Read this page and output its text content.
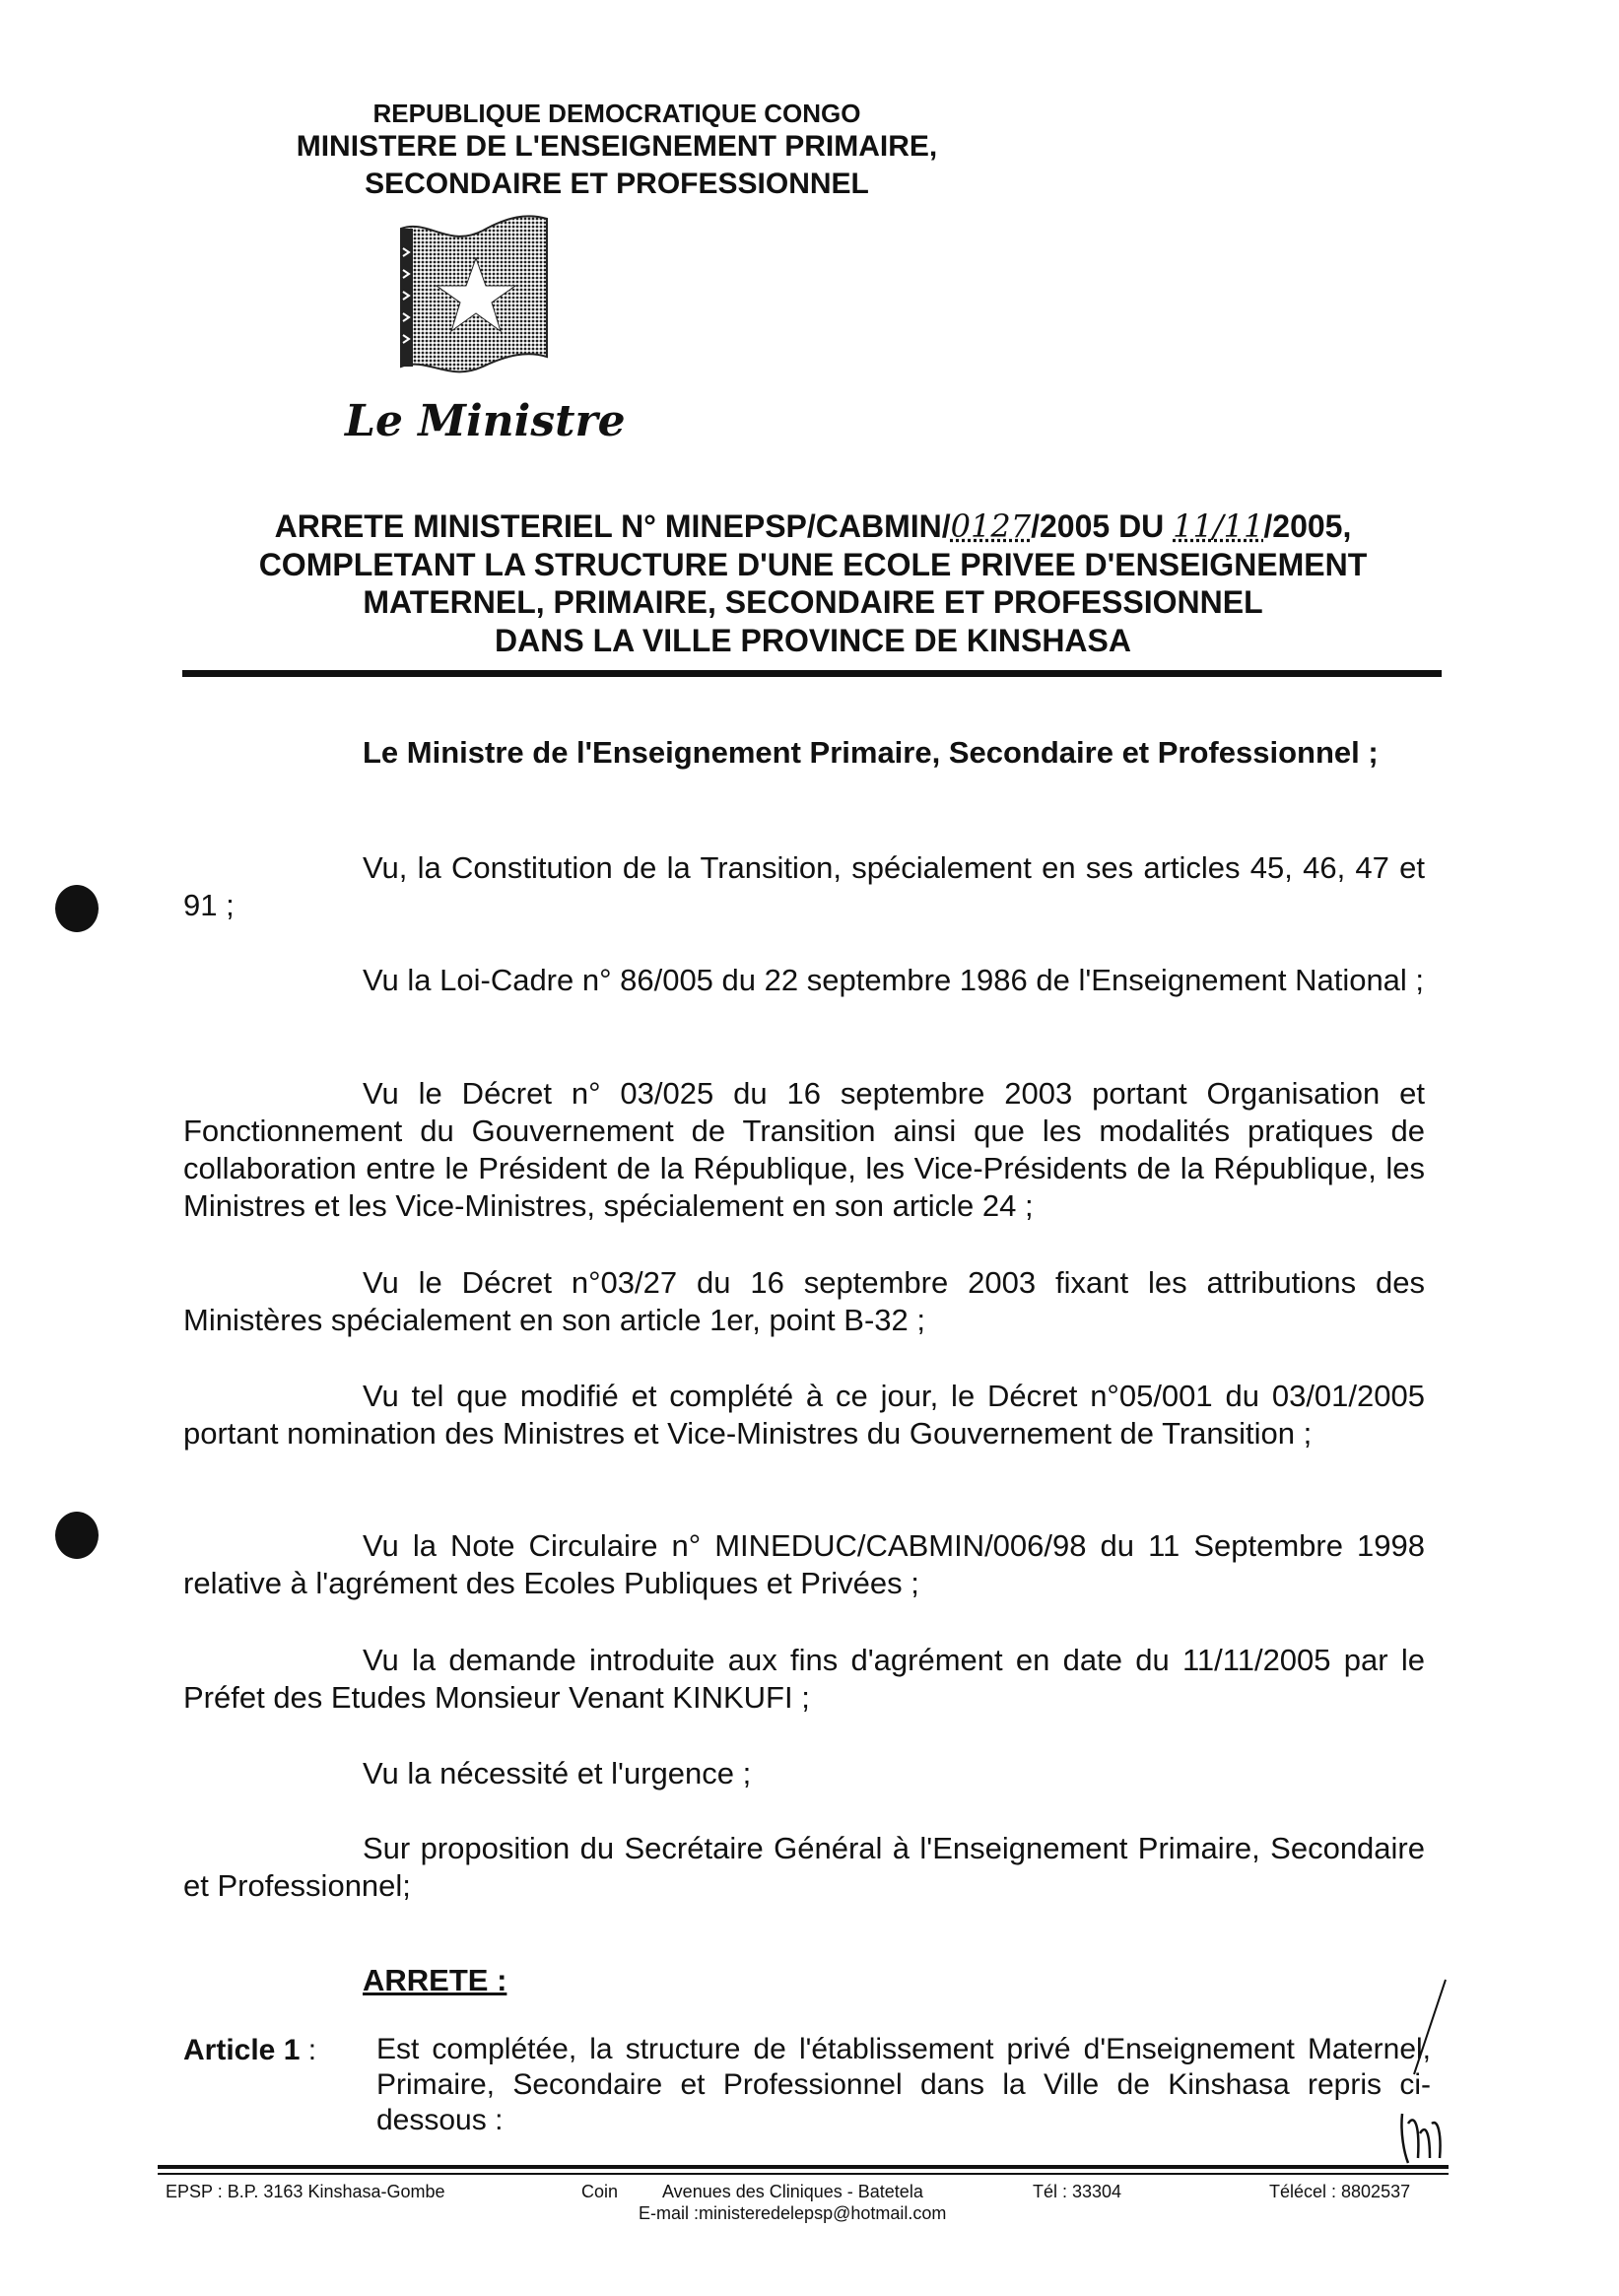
REPUBLIQUE DEMOCRATIQUE CONGO
MINISTERE DE L'ENSEIGNEMENT PRIMAIRE,
SECONDAIRE ET PROFESSIONNEL
Le Ministre
ARRETE MINISTERIEL N° MINEPSP/CABMIN/0127/2005 DU 11/11/2005,
COMPLETANT LA STRUCTURE D'UNE ECOLE PRIVEE D'ENSEIGNEMENT
MATERNEL, PRIMAIRE, SECONDAIRE ET PROFESSIONNEL
DANS LA VILLE PROVINCE DE KINSHASA
Le Ministre de l'Enseignement Primaire, Secondaire et Professionnel ;
Vu, la Constitution de la Transition, spécialement en ses articles 45, 46, 47 et 91 ;
Vu la Loi-Cadre n° 86/005 du 22 septembre 1986 de l'Enseignement National ;
Vu le Décret n° 03/025 du 16 septembre 2003 portant Organisation et Fonctionnement du Gouvernement de Transition ainsi que les modalités pratiques de collaboration entre le Président de la République, les Vice-Présidents de la République, les Ministres et les Vice-Ministres, spécialement en son article 24 ;
Vu le Décret n°03/27 du 16 septembre 2003 fixant les attributions des Ministères spécialement en son article 1er, point B-32 ;
Vu tel que modifié et complété à ce jour, le Décret n°05/001 du 03/01/2005 portant nomination des Ministres et Vice-Ministres du Gouvernement de Transition ;
Vu la Note Circulaire n° MINEDUC/CABMIN/006/98 du 11 Septembre 1998 relative à l'agrément des Ecoles Publiques et Privées ;
Vu la demande introduite aux fins d'agrément en date du 11/11/2005 par le Préfet des Etudes Monsieur Venant KINKUFI ;
Vu la nécessité et l'urgence ;
Sur proposition du Secrétaire Général à l'Enseignement Primaire, Secondaire et Professionnel;
ARRETE :
Article 1 : Est complétée, la structure de l'établissement privé d'Enseignement Maternel, Primaire, Secondaire et Professionnel dans la Ville de Kinshasa repris ci-dessous :
EPSP : B.P. 3163 Kinshasa-Gombe	Coin Avenues des Cliniques - Batetela	Tél : 33304	Télécel : 8802537
E-mail :ministeredelepsp@hotmail.com
